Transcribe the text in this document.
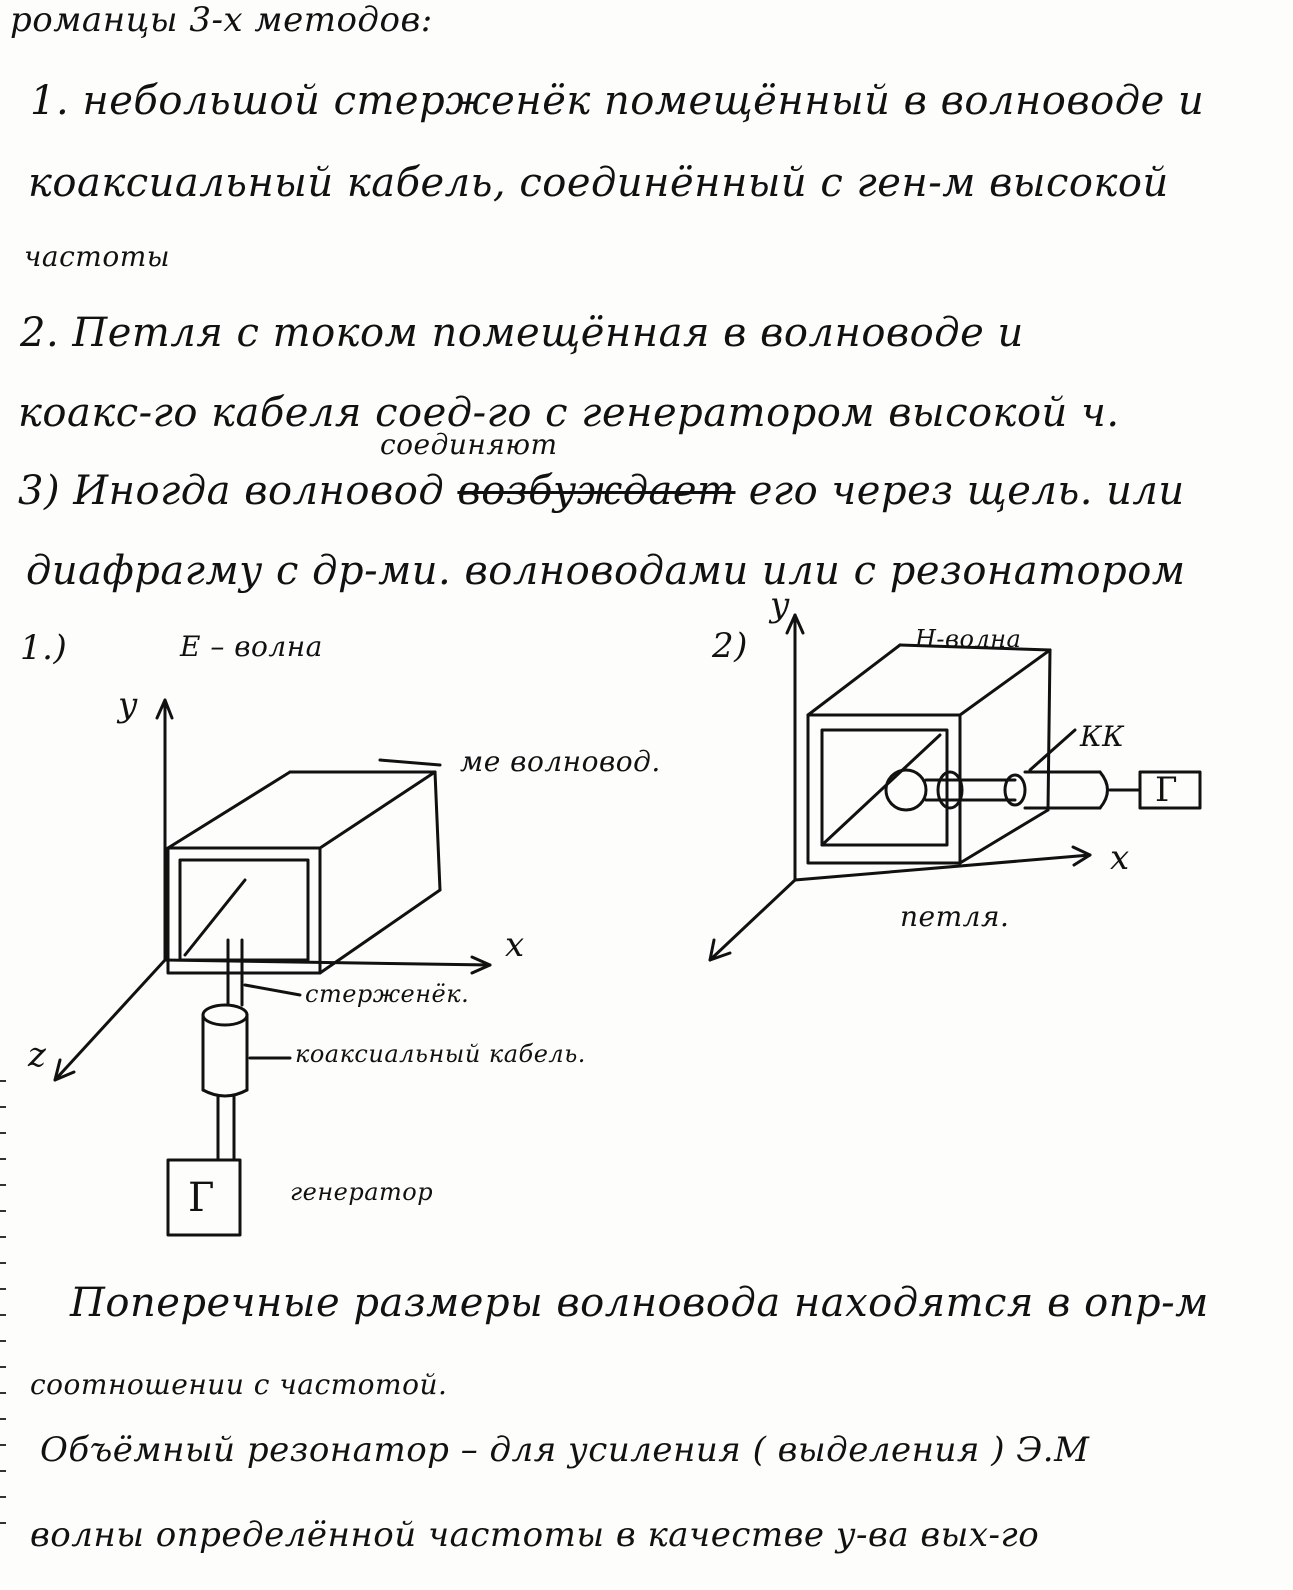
романцы 3-х методов:
1. небольшой стерженёк помещённый в волноводе и
коаксиальный кабель, соединённый с ген-м высокой
частоты
2. Петля с током помещённая в волноводе и
коакс-го кабеля соед-го с генератором высокой ч.
соединяют
3) Иногда волновод возбуждает его через щель. или
диафрагму с др-ми. волноводами или с резонатором
1.)	E – волна
y
x
z
ме волновод.
стерженёк.
коаксиальный кабель.
генератор
Г
2)
y
x
H-волна
КК
Г
петля.
Поперечные размеры волновода находятся в опр-м
соотношении с частотой.
Объёмный резонатор – для усиления ( выделения ) Э.М
волны определённой частоты в качестве у-ва вых-го
